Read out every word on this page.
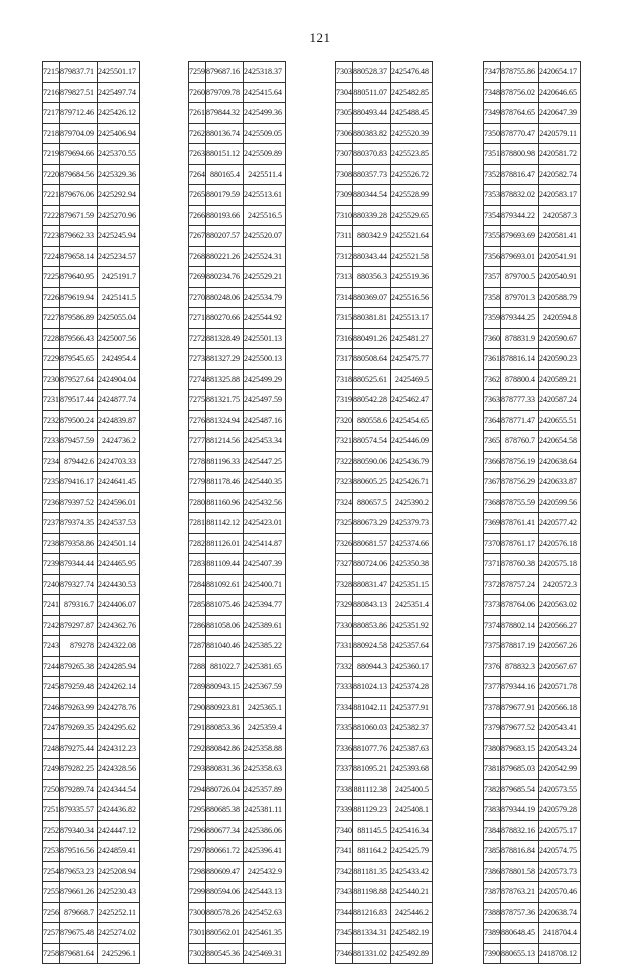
121
7215	879837.71	2425501.17
7216	879827.51	2425497.74
7217	879712.46	2425426.12
7218	879704.09	2425406.94
7219	879694.66	2425370.55
7220	879684.56	2425329.36
7221	879676.06	2425292.94
7222	879671.59	2425270.96
7223	879662.33	2425245.94
7224	879658.14	2425234.57
7225	879640.95	2425191.7
7226	879619.94	2425141.5
7227	879586.89	2425055.04
7228	879566.43	2425007.56
7229	879545.65	2424954.4
7230	879527.64	2424904.04
7231	879517.44	2424877.74
7232	879500.24	2424839.87
7233	879457.59	2424736.2
7234	879442.6	2424703.33
7235	879416.17	2424641.45
7236	879397.52	2424596.01
7237	879374.35	2424537.53
7238	879358.86	2424501.14
7239	879344.44	2424465.95
7240	879327.74	2424430.53
7241	879316.7	2424406.07
7242	879297.87	2424362.76
7243	879278	2424322.08
7244	879265.38	2424285.94
7245	879259.48	2424262.14
7246	879263.99	2424278.76
7247	879269.35	2424295.62
7248	879275.44	2424312.23
7249	879282.25	2424328.56
7250	879289.74	2424344.54
7251	879335.57	2424436.82
7252	879340.34	2424447.12
7253	879516.56	2424859.41
7254	879653.23	2425208.94
7255	879661.26	2425230.43
7256	879668.7	2425252.11
7257	879675.48	2425274.02
7258	879681.64	2425296.1
7259	879687.16	2425318.37
7260	879709.78	2425415.64
7261	879844.32	2425499.36
7262	880136.74	2425509.05
7263	880151.12	2425509.89
7264	880165.4	2425511.4
7265	880179.59	2425513.61
7266	880193.66	2425516.5
7267	880207.57	2425520.07
7268	880221.26	2425524.31
7269	880234.76	2425529.21
7270	880248.06	2425534.79
7271	880270.66	2425544.92
7272	881328.49	2425501.13
7273	881327.29	2425500.13
7274	881325.88	2425499.29
7275	881321.75	2425497.59
7276	881324.94	2425487.16
7277	881214.56	2425453.34
7278	881196.33	2425447.25
7279	881178.46	2425440.35
7280	881160.96	2425432.56
7281	881142.12	2425423.01
7282	881126.01	2425414.87
7283	881109.44	2425407.39
7284	881092.61	2425400.71
7285	881075.46	2425394.77
7286	881058.06	2425389.61
7287	881040.46	2425385.22
7288	881022.7	2425381.65
7289	880943.15	2425367.59
7290	880923.81	2425365.1
7291	880853.36	2425359.4
7292	880842.86	2425358.88
7293	880831.36	2425358.63
7294	880726.04	2425357.89
7295	880685.38	2425381.11
7296	880677.34	2425386.06
7297	880661.72	2425396.41
7298	880609.47	2425432.9
7299	880594.06	2425443.13
7300	880578.26	2425452.63
7301	880562.01	2425461.35
7302	880545.36	2425469.31
7303	880528.37	2425476.48
7304	880511.07	2425482.85
7305	880493.44	2425488.45
7306	880383.82	2425520.39
7307	880370.83	2425523.85
7308	880357.73	2425526.72
7309	880344.54	2425528.99
7310	880339.28	2425529.65
7311	880342.9	2425521.64
7312	880343.44	2425521.58
7313	880356.3	2425519.36
7314	880369.07	2425516.56
7315	880381.81	2425513.17
7316	880491.26	2425481.27
7317	880508.64	2425475.77
7318	880525.61	2425469.5
7319	880542.28	2425462.47
7320	880558.6	2425454.65
7321	880574.54	2425446.09
7322	880590.06	2425436.79
7323	880605.25	2425426.71
7324	880657.5	2425390.2
7325	880673.29	2425379.73
7326	880681.57	2425374.66
7327	880724.06	2425350.38
7328	880831.47	2425351.15
7329	880843.13	2425351.4
7330	880853.86	2425351.92
7331	880924.58	2425357.64
7332	880944.3	2425360.17
7333	881024.13	2425374.28
7334	881042.11	2425377.91
7335	881060.03	2425382.37
7336	881077.76	2425387.63
7337	881095.21	2425393.68
7338	881112.38	2425400.5
7339	881129.23	2425408.1
7340	881145.5	2425416.34
7341	881164.2	2425425.79
7342	881181.35	2425433.42
7343	881198.88	2425440.21
7344	881216.83	2425446.2
7345	881334.31	2425482.19
7346	881331.02	2425492.89
7347	878755.86	2420654.17
7348	878756.02	2420646.65
7349	878764.65	2420647.39
7350	878770.47	2420579.11
7351	878800.98	2420581.72
7352	878816.47	2420582.74
7353	878832.02	2420583.17
7354	879344.22	2420587.3
7355	879693.69	2420581.41
7356	879693.01	2420541.91
7357	879700.5	2420540.91
7358	879701.3	2420588.79
7359	879344.25	2420594.8
7360	878831.9	2420590.67
7361	878816.14	2420590.23
7362	878800.4	2420589.21
7363	878777.33	2420587.24
7364	878771.47	2420655.51
7365	878760.7	2420654.58
7366	878756.19	2420638.64
7367	878756.29	2420633.87
7368	878755.59	2420599.56
7369	878761.41	2420577.42
7370	878761.17	2420576.18
7371	878760.38	2420575.18
7372	878757.24	2420572.3
7373	878764.06	2420563.02
7374	878802.14	2420566.27
7375	878817.19	2420567.26
7376	878832.3	2420567.67
7377	879344.16	2420571.78
7378	879677.91	2420566.18
7379	879677.52	2420543.41
7380	879683.15	2420543.24
7381	879685.03	2420542.99
7382	879685.54	2420573.55
7383	879344.19	2420579.28
7384	878832.16	2420575.17
7385	878816.84	2420574.75
7386	878801.58	2420573.73
7387	878763.21	2420570.46
7388	878757.36	2420638.74
7389	880648.45	2418704.4
7390	880655.13	2418708.12
